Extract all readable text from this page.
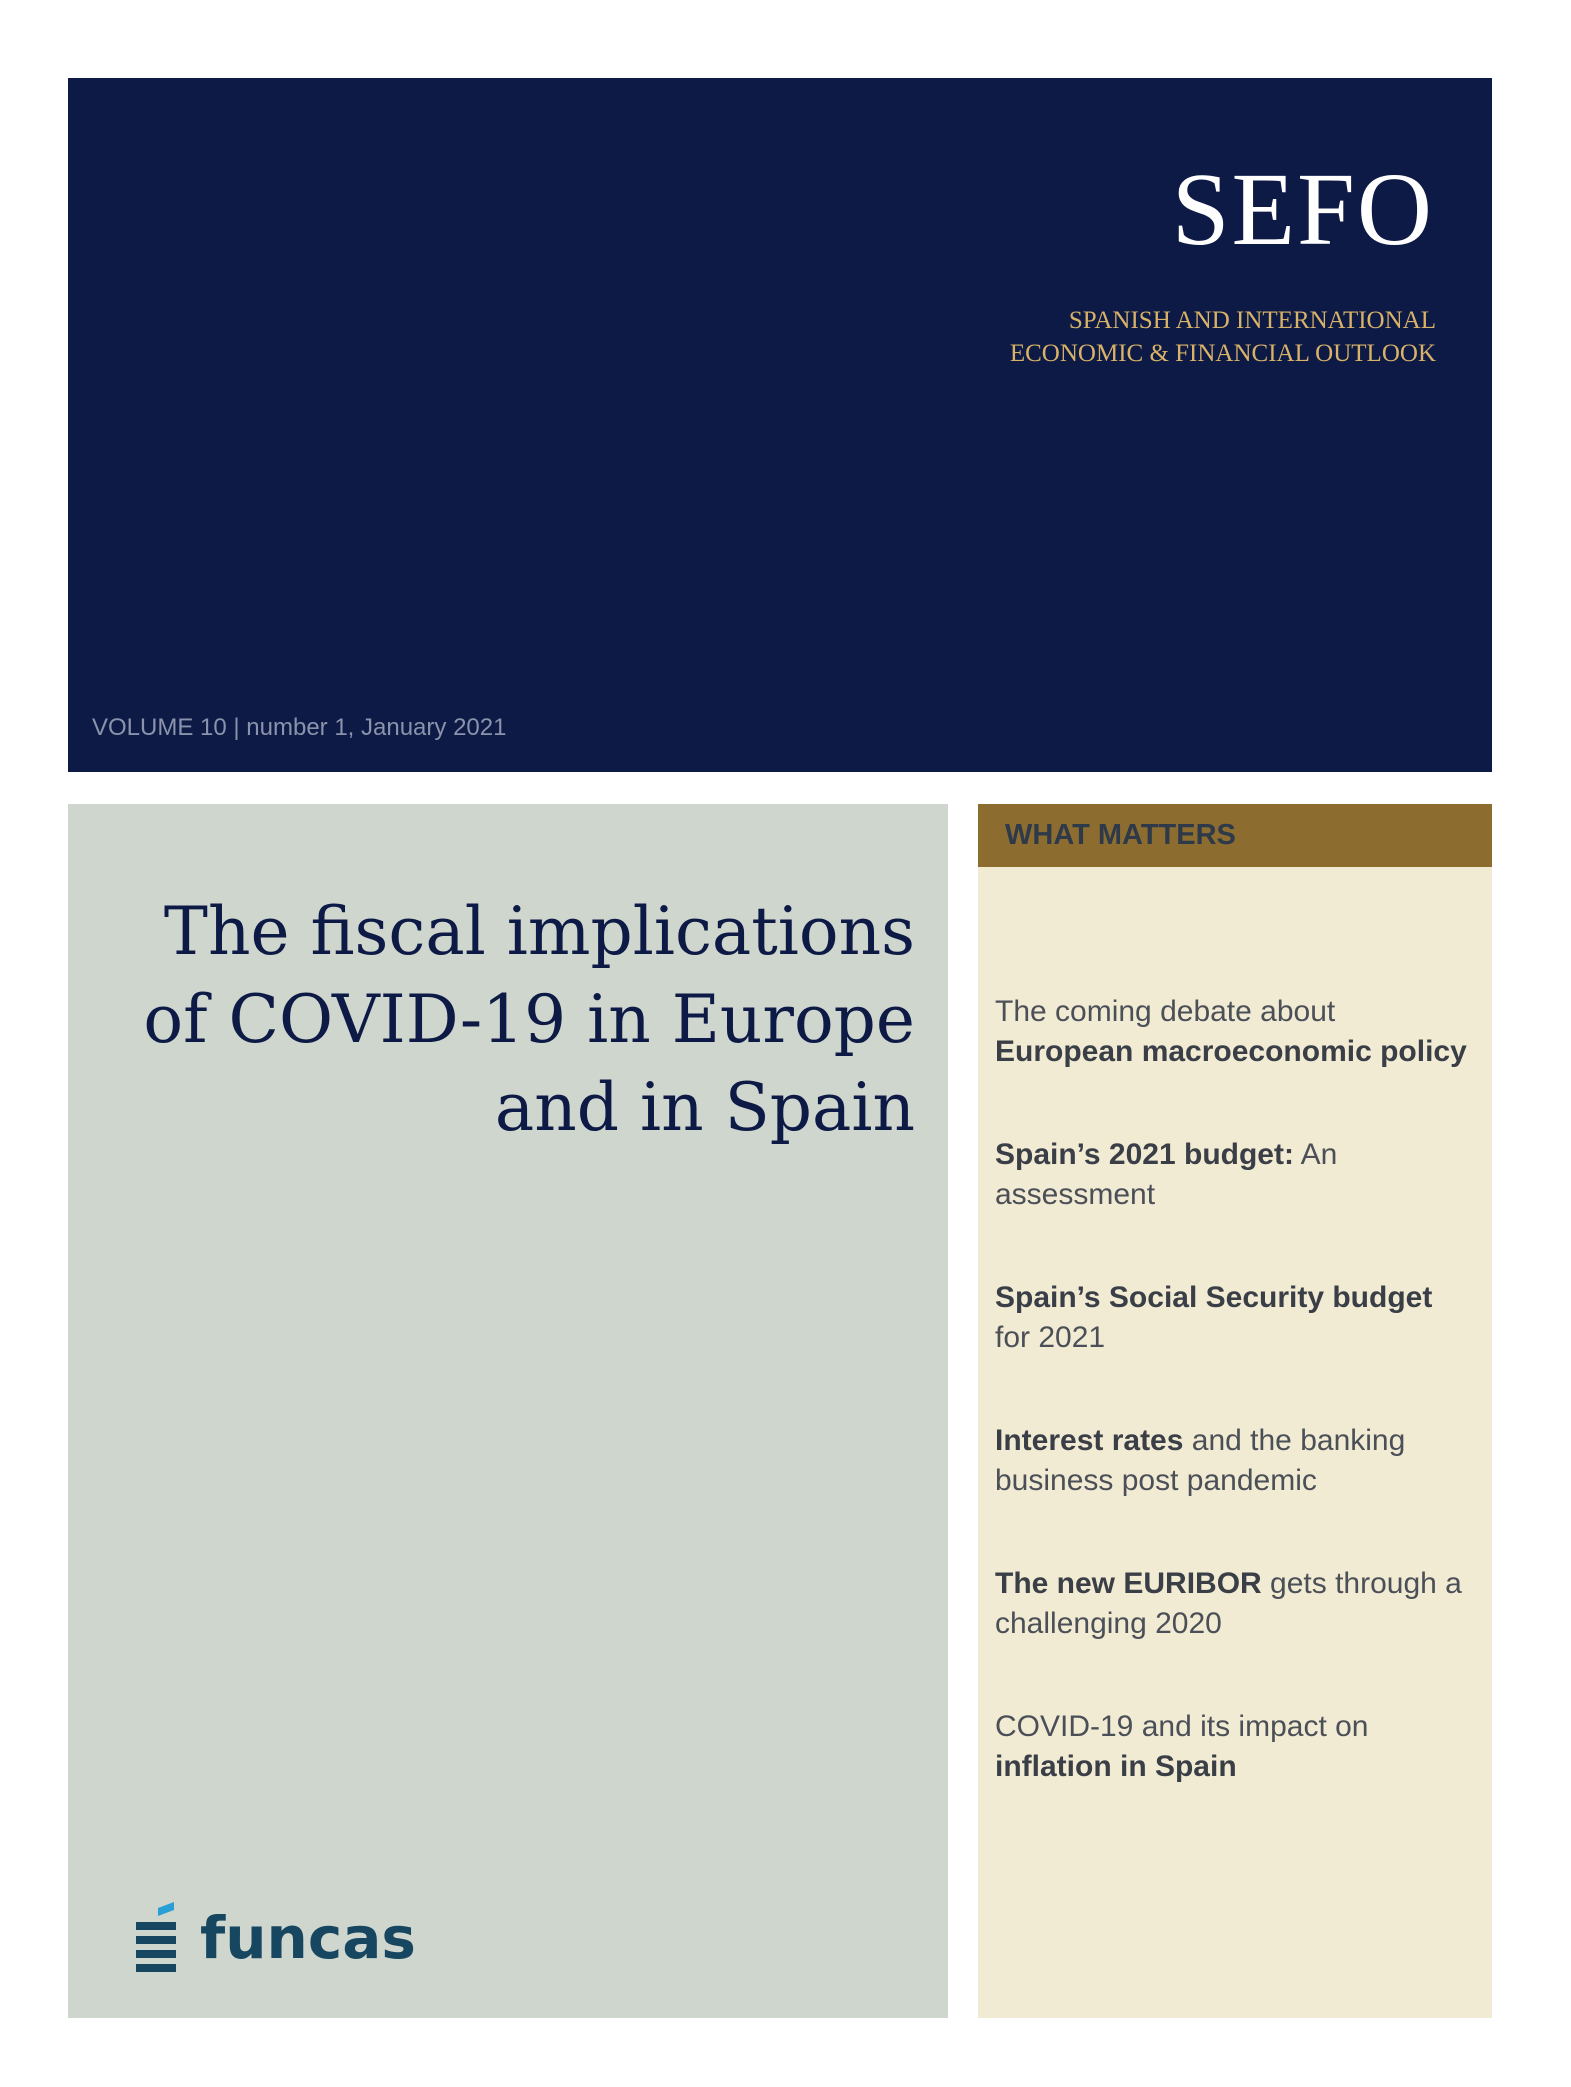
SEFO
SPANISH AND INTERNATIONAL
ECONOMIC & FINANCIAL OUTLOOK
VOLUME 10 | number 1, January 2021
The fiscal implications
of COVID-19 in Europe
and in Spain
funcas
WHAT MATTERS
The coming debate about European macroeconomic policy
Spain’s 2021 budget: An assessment
Spain’s Social Security budget for 2021
Interest rates and the banking business post pandemic
The new EURIBOR gets through a challenging 2020
COVID-19 and its impact on inflation in Spain
